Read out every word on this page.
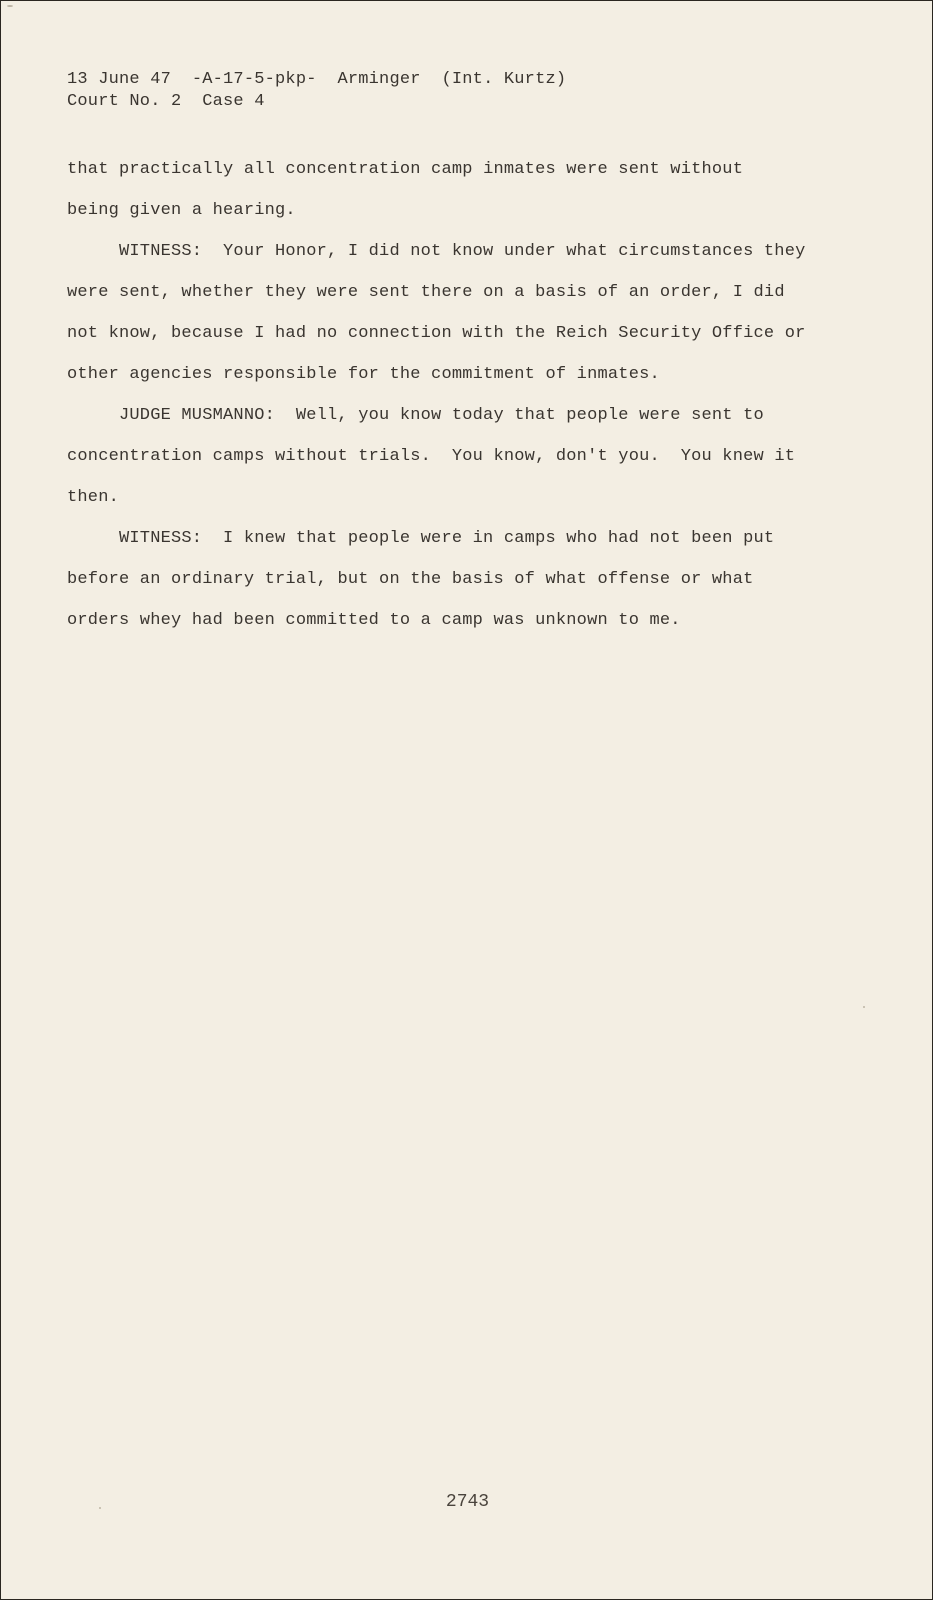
13 June 47  -A-17-5-pkp-  Arminger  (Int. Kurtz)
Court No. 2  Case 4
that practically all concentration camp inmates were sent without
being given a hearing.
WITNESS:  Your Honor, I did not know under what circumstances they
were sent, whether they were sent there on a basis of an order, I did
not know, because I had no connection with the Reich Security Office or
other agencies responsible for the commitment of inmates.
JUDGE MUSMANNO:  Well, you know today that people were sent to
concentration camps without trials.  You know, don't you.  You knew it
then.
WITNESS:  I knew that people were in camps who had not been put
before an ordinary trial, but on the basis of what offense or what
orders whey had been committed to a camp was unknown to me.
2743
